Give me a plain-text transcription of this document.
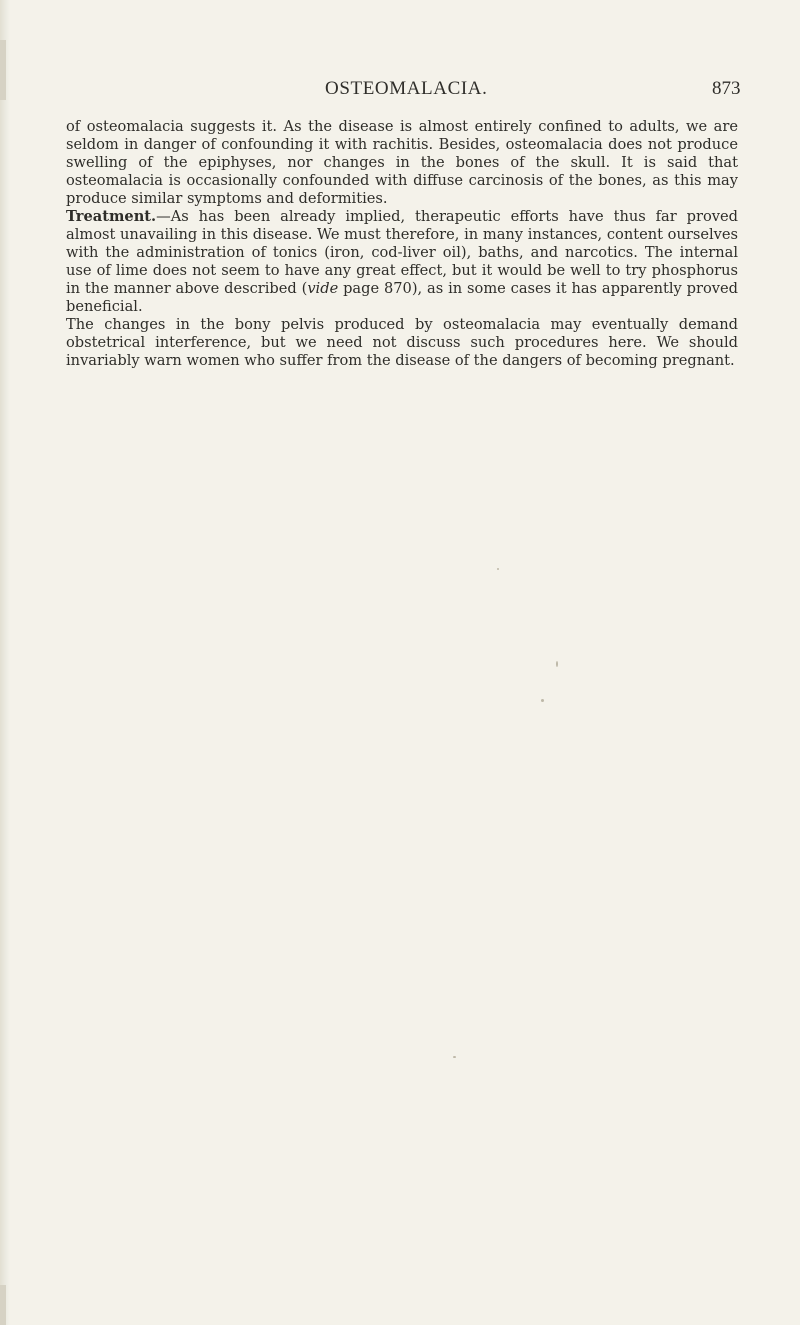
OSTEOMALACIA.	873

of osteomalacia suggests it. As the disease is almost entirely confined to adults, we are seldom in danger of confounding it with rachitis. Besides, osteomalacia does not produce swelling of the epiphyses, nor changes in the bones of the skull. It is said that osteomalacia is occasionally confounded with diffuse carcinosis of the bones, as this may produce similar symptoms and deformities.

Treatment.—As has been already implied, therapeutic efforts have thus far proved almost unavailing in this disease. We must therefore, in many instances, content ourselves with the administration of tonics (iron, cod-liver oil), baths, and narcotics. The internal use of lime does not seem to have any great effect, but it would be well to try phosphorus in the manner above described (vide page 870), as in some cases it has apparently proved beneficial.

The changes in the bony pelvis produced by osteomalacia may eventually demand obstetrical interference, but we need not discuss such procedures here. We should invariably warn women who suffer from the disease of the dangers of becoming pregnant.
